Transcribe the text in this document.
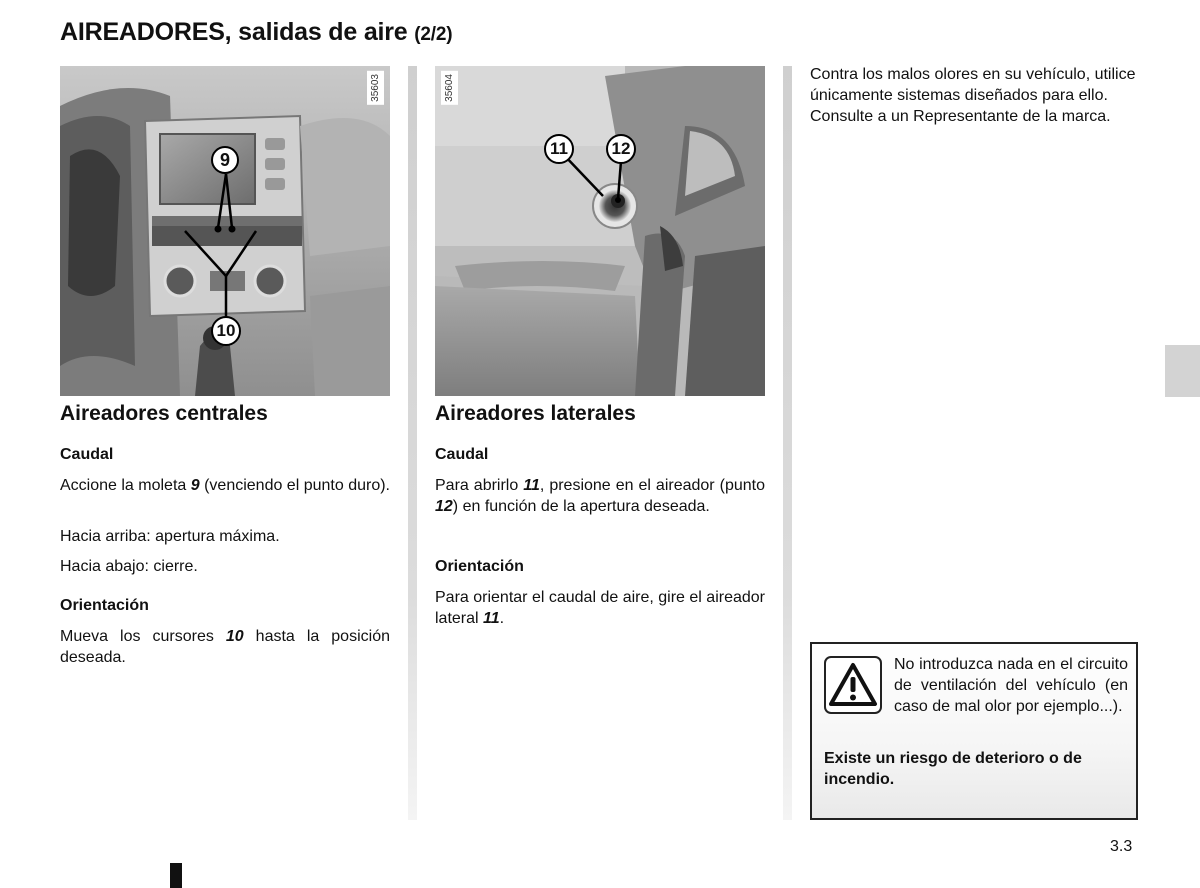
AIREADORES, salidas de aire (2/2)
35603
9
10
35604
11	12
Aireadores centrales
Caudal

Accione la moleta 9 (venciendo el punto duro).

Hacia arriba: apertura máxima.

Hacia abajo: cierre.

Orientación

Mueva los cursores 10 hasta la posición deseada.

Aireadores laterales
Caudal

Para abrirlo 11, presione en el aireador (punto 12) en función de la apertura deseada.

Orientación

Para orientar el caudal de aire, gire el aireador lateral 11.

Contra los malos olores en su vehículo, utilice únicamente sistemas diseñados para ello. Consulte a un Representante de la marca.

No introduzca nada en el circuito de ventilación del vehículo (en caso de mal olor por ejemplo...).

Existe un riesgo de deterioro o de incendio.

3.3
